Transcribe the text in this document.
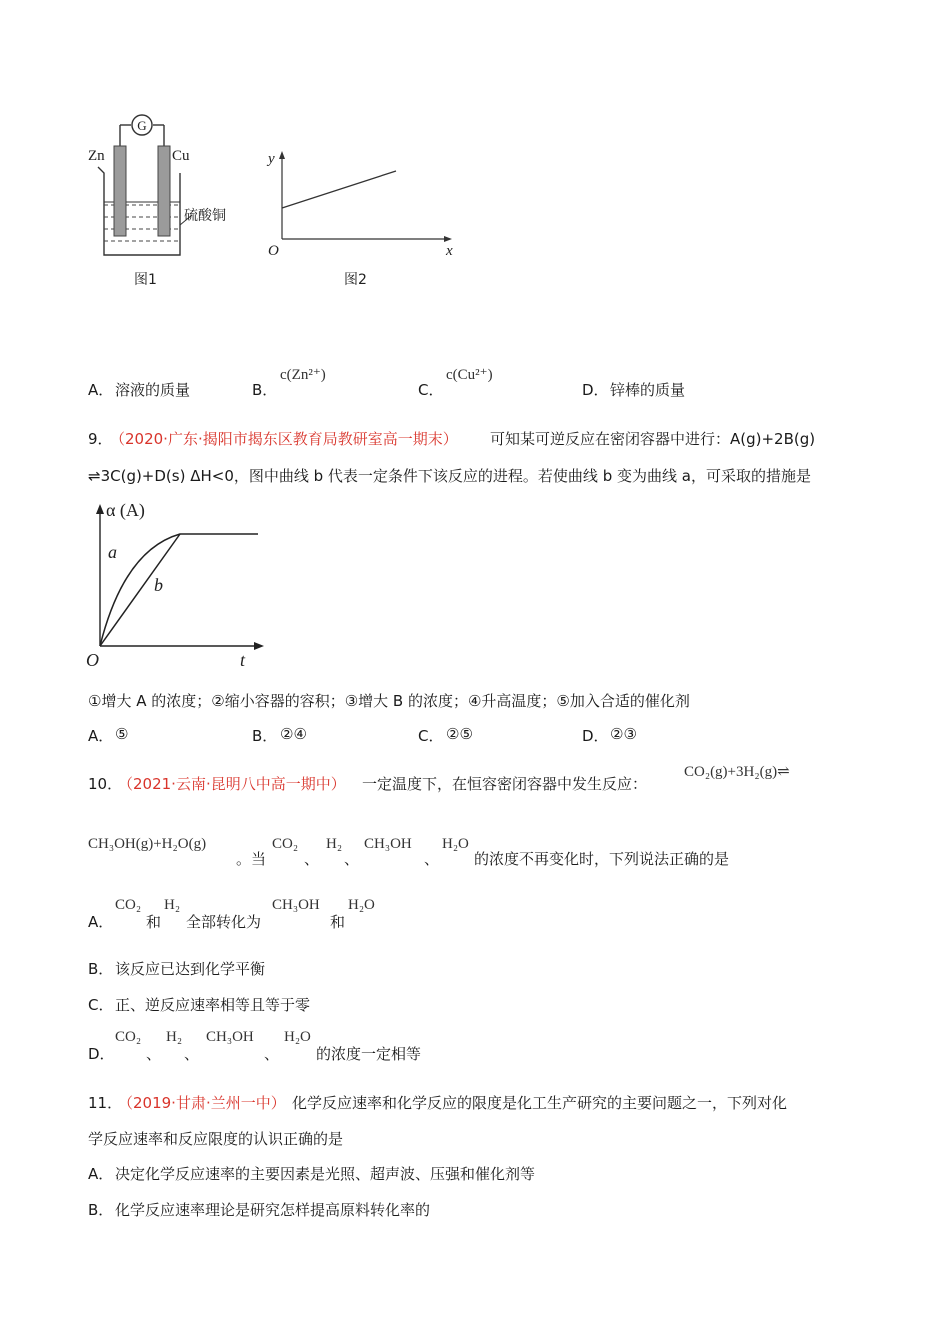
G
Zn	Cu
硫酸铜
图1
y
x
O
图2
A． 溶液的质量	B．
c(Zn²⁺)
C．
c(Cu²⁺)
D． 锌棒的质量
9．
（2020·广东·揭阳市揭东区教育局教研室高一期末） 可知某可逆反应在密闭容器中进行：A(g)+2B(g)
⇌3C(g)+D(s) ΔH<0，图中曲线 b 代表一定条件下该反应的进程。若使曲线 b 变为曲线 a，可采取的措施是
α (A)
O	t
a
b
①增大 A 的浓度；②缩小容器的容积；③增大 B 的浓度；④升高温度；⑤加入合适的催化剂
A． ⑤	B． ②④	C． ②⑤	D． ②③
10．
（2021·云南·昆明八中高一期中） 一定温度下，在恒容密闭容器中发生反应：
CO₂(g)+3H₂(g)⇌
CH₃OH(g)+H₂O(g)
。当
CO₂
、
H₂
、
CH₃OH
、
H₂O
的浓度不再变化时，下列说法正确的是
A．
CO₂
和
H₂
全部转化为
CH₃OH
和
H₂O
B． 该反应已达到化学平衡
C． 正、逆反应速率相等且等于零
D．
CO₂
、
H₂
、
CH₃OH
、
H₂O
的浓度一定相等
11．
（2019·甘肃·兰州一中） 化学反应速率和化学反应的限度是化工生产研究的主要问题之一，下列对化
学反应速率和反应限度的认识正确的是
A． 决定化学反应速率的主要因素是光照、超声波、压强和催化剂等
B． 化学反应速率理论是研究怎样提高原料转化率的
